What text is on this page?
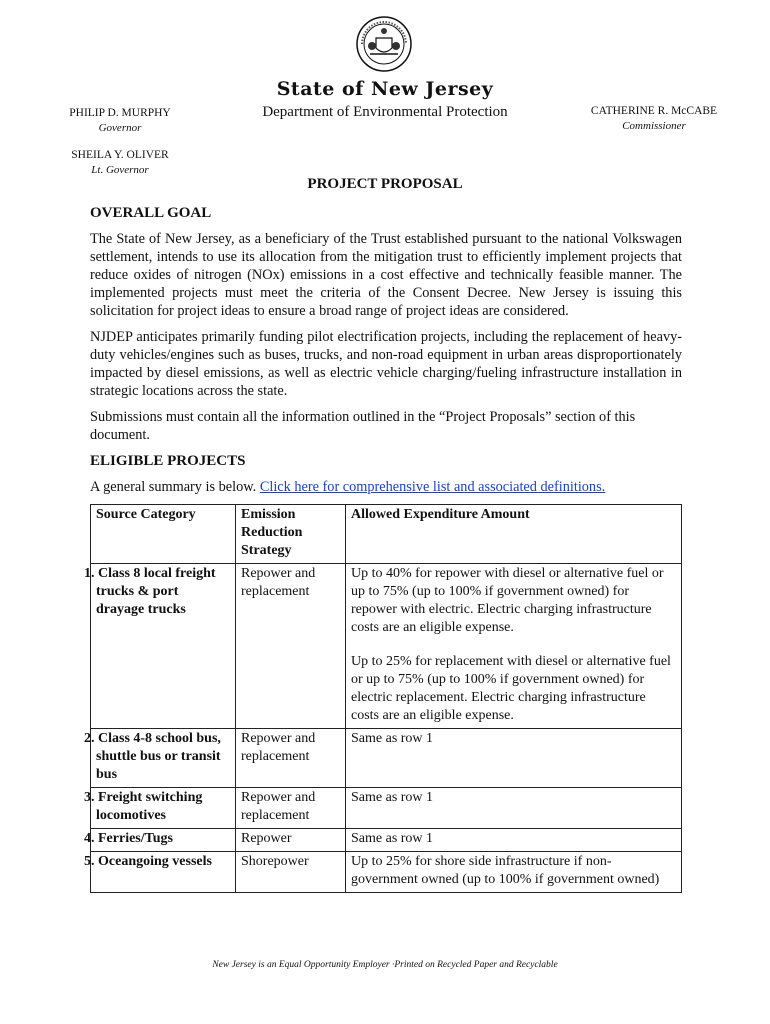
State of New Jersey
Department of Environmental Protection
PHILIP D. MURPHY
Governor
SHEILA Y. OLIVER
Lt. Governor
CATHERINE R. McCABE
Commissioner
PROJECT PROPOSAL
OVERALL GOAL

The State of New Jersey, as a beneficiary of the Trust established pursuant to the national Volkswagen settlement, intends to use its allocation from the mitigation trust to efficiently implement projects that reduce oxides of nitrogen (NOx) emissions in a cost effective and technically feasible manner. The implemented projects must meet the criteria of the Consent Decree. New Jersey is issuing this solicitation for project ideas to ensure a broad range of project ideas are considered.

NJDEP anticipates primarily funding pilot electrification projects, including the replacement of heavy-duty vehicles/engines such as buses, trucks, and non-road equipment in urban areas disproportionately impacted by diesel emissions, as well as electric vehicle charging/fueling infrastructure installation in strategic locations across the state.

Submissions must contain all the information outlined in the “Project Proposals” section of this document.

ELIGIBLE PROJECTS

A general summary is below. Click here for comprehensive list and associated definitions.

Source Category	Emission Reduction Strategy	Allowed Expenditure Amount
1. Class 8 local freight trucks & port drayage trucks	Repower and replacement	Up to 40% for repower with diesel or alternative fuel or up to 75% (up to 100% if government owned) for repower with electric. Electric charging infrastructure costs are an eligible expense.

Up to 25% for replacement with diesel or alternative fuel or up to 75% (up to 100% if government owned) for electric replacement. Electric charging infrastructure costs are an eligible expense.

2. Class 4-8 school bus, shuttle bus or transit bus	Repower and replacement	Same as row 1

3. Freight switching locomotives	Repower and replacement	Same as row 1

4. Ferries/Tugs	Repower	Same as row 1

5. Oceangoing vessels	Shorepower	Up to 25% for shore side infrastructure if non-government owned (up to 100% if government owned)

New Jersey is an Equal Opportunity Employer ·Printed on Recycled Paper and Recyclable
